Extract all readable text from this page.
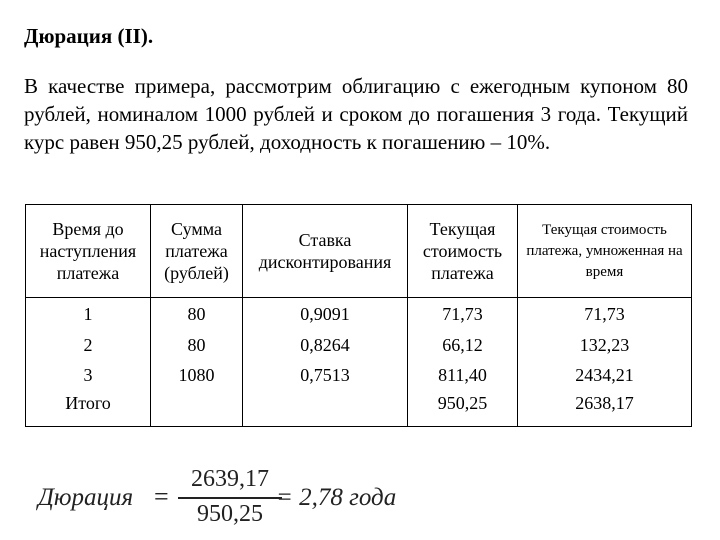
Дюрация (II).
В качестве примера, рассмотрим облигацию с ежегодным купоном 80 рублей, номиналом 1000 рублей и сроком до погашения 3 года. Текущий курс равен 950,25 рублей, доходность к погашению – 10%.
Время до наступления платежа	Сумма платежа (рублей)	Ставка дисконтирования	Текущая стоимость платежа	Текущая стоимость платежа, умноженная на время
1	80	0,9091	71,73	71,73
2	80	0,8264	66,12	132,23
3	1080	0,7513	811,40	2434,21
Итого			950,25	2638,17
Дюрация =
2639,17
950,25
= 2,78 года
